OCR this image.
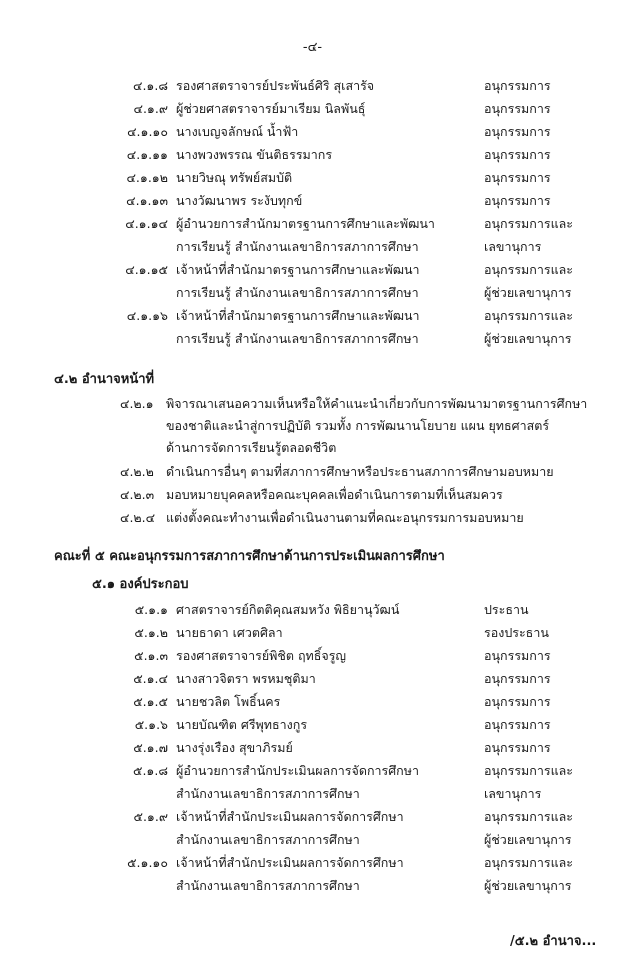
-๔-
๔.๑.๘ รองศาสตราจารย์ประพันธ์ศิริ สุเสารัจ	อนุกรรมการ
๔.๑.๙ ผู้ช่วยศาสตราจารย์มาเรียม นิลพันธุ์	อนุกรรมการ
๔.๑.๑๐ นางเบญจลักษณ์ น้ำฟ้า	อนุกรรมการ
๔.๑.๑๑ นางพวงพรรณ ขันติธรรมากร	อนุกรรมการ
๔.๑.๑๒ นายวิษณุ ทรัพย์สมบัติ	อนุกรรมการ
๔.๑.๑๓ นางวัฒนาพร ระงับทุกข์	อนุกรรมการ
๔.๑.๑๔ ผู้อำนวยการสำนักมาตรฐานการศึกษาและพัฒนา	อนุกรรมการและ
การเรียนรู้ สำนักงานเลขาธิการสภาการศึกษา	เลขานุการ
๔.๑.๑๕ เจ้าหน้าที่สำนักมาตรฐานการศึกษาและพัฒนา	อนุกรรมการและ
การเรียนรู้ สำนักงานเลขาธิการสภาการศึกษา	ผู้ช่วยเลขานุการ
๔.๑.๑๖ เจ้าหน้าที่สำนักมาตรฐานการศึกษาและพัฒนา	อนุกรรมการและ
การเรียนรู้ สำนักงานเลขาธิการสภาการศึกษา	ผู้ช่วยเลขานุการ
๔.๒ อำนาจหน้าที่
๔.๒.๑ พิจารณาเสนอความเห็นหรือให้คำแนะนำเกี่ยวกับการพัฒนามาตรฐานการศึกษา
ของชาติและนำสู่การปฏิบัติ รวมทั้ง การพัฒนานโยบาย แผน ยุทธศาสตร์
ด้านการจัดการเรียนรู้ตลอดชีวิต
๔.๒.๒ ดำเนินการอื่นๆ ตามที่สภาการศึกษาหรือประธานสภาการศึกษามอบหมาย
๔.๒.๓ มอบหมายบุคคลหรือคณะบุคคลเพื่อดำเนินการตามที่เห็นสมควร
๔.๒.๔ แต่งตั้งคณะทำงานเพื่อดำเนินงานตามที่คณะอนุกรรมการมอบหมาย
คณะที่ ๕ คณะอนุกรรมการสภาการศึกษาด้านการประเมินผลการศึกษา
๕.๑ องค์ประกอบ
๕.๑.๑ ศาสตราจารย์กิตติคุณสมหวัง พิธิยานุวัฒน์	ประธาน
๕.๑.๒ นายธาดา เศวตศิลา	รองประธาน
๕.๑.๓ รองศาสตราจารย์พิชิต ฤทธิ์จรูญ	อนุกรรมการ
๕.๑.๔ นางสาวจิตรา พรหมชุติมา	อนุกรรมการ
๕.๑.๕ นายชวลิต โพธิ์นคร	อนุกรรมการ
๕.๑.๖ นายบัณฑิต ศรีพุทธางกูร	อนุกรรมการ
๕.๑.๗ นางรุ่งเรือง สุขาภิรมย์	อนุกรรมการ
๕.๑.๘ ผู้อำนวยการสำนักประเมินผลการจัดการศึกษา	อนุกรรมการและ
สำนักงานเลขาธิการสภาการศึกษา	เลขานุการ
๕.๑.๙ เจ้าหน้าที่สำนักประเมินผลการจัดการศึกษา	อนุกรรมการและ
สำนักงานเลขาธิการสภาการศึกษา	ผู้ช่วยเลขานุการ
๕.๑.๑๐ เจ้าหน้าที่สำนักประเมินผลการจัดการศึกษา	อนุกรรมการและ
สำนักงานเลขาธิการสภาการศึกษา	ผู้ช่วยเลขานุการ
/๕.๒ อำนาจ...
